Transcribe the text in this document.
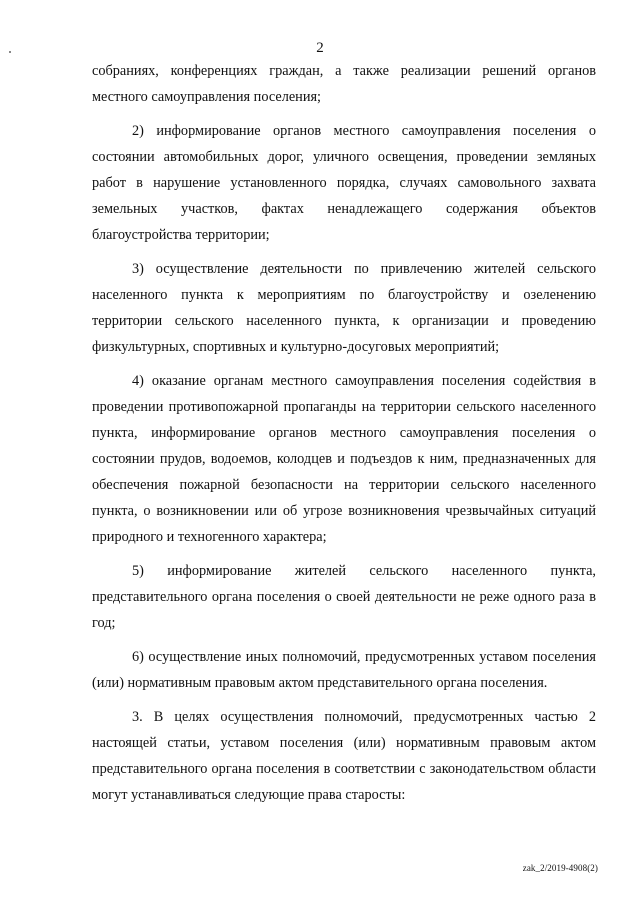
2

собраниях, конференциях граждан, а также реализации решений органов местного самоуправления поселения;

2) информирование органов местного самоуправления поселения о состоянии автомобильных дорог, уличного освещения, проведении земляных работ в нарушение установленного порядка, случаях самовольного захвата земельных участков, фактах ненадлежащего содержания объектов благоустройства территории;

3) осуществление деятельности по привлечению жителей сельского населенного пункта к мероприятиям по благоустройству и озеленению территории сельского населенного пункта, к организации и проведению физкультурных, спортивных и культурно-досуговых мероприятий;

4) оказание органам местного самоуправления поселения содействия в проведении противопожарной пропаганды на территории сельского населенного пункта, информирование органов местного самоуправления поселения о состоянии прудов, водоемов, колодцев и подъездов к ним, предназначенных для обеспечения пожарной безопасности на территории сельского населенного пункта, о возникновении или об угрозе возникновения чрезвычайных ситуаций природного и техногенного характера;

5) информирование жителей сельского населенного пункта, представительного органа поселения о своей деятельности не реже одного раза в год;

6) осуществление иных полномочий, предусмотренных уставом поселения (или) нормативным правовым актом представительного органа поселения.

3. В целях осуществления полномочий, предусмотренных частью 2 настоящей статьи, уставом поселения (или) нормативным правовым актом представительного органа поселения в соответствии с законодательством области могут устанавливаться следующие права старосты:

zak_2/2019-4908(2)
